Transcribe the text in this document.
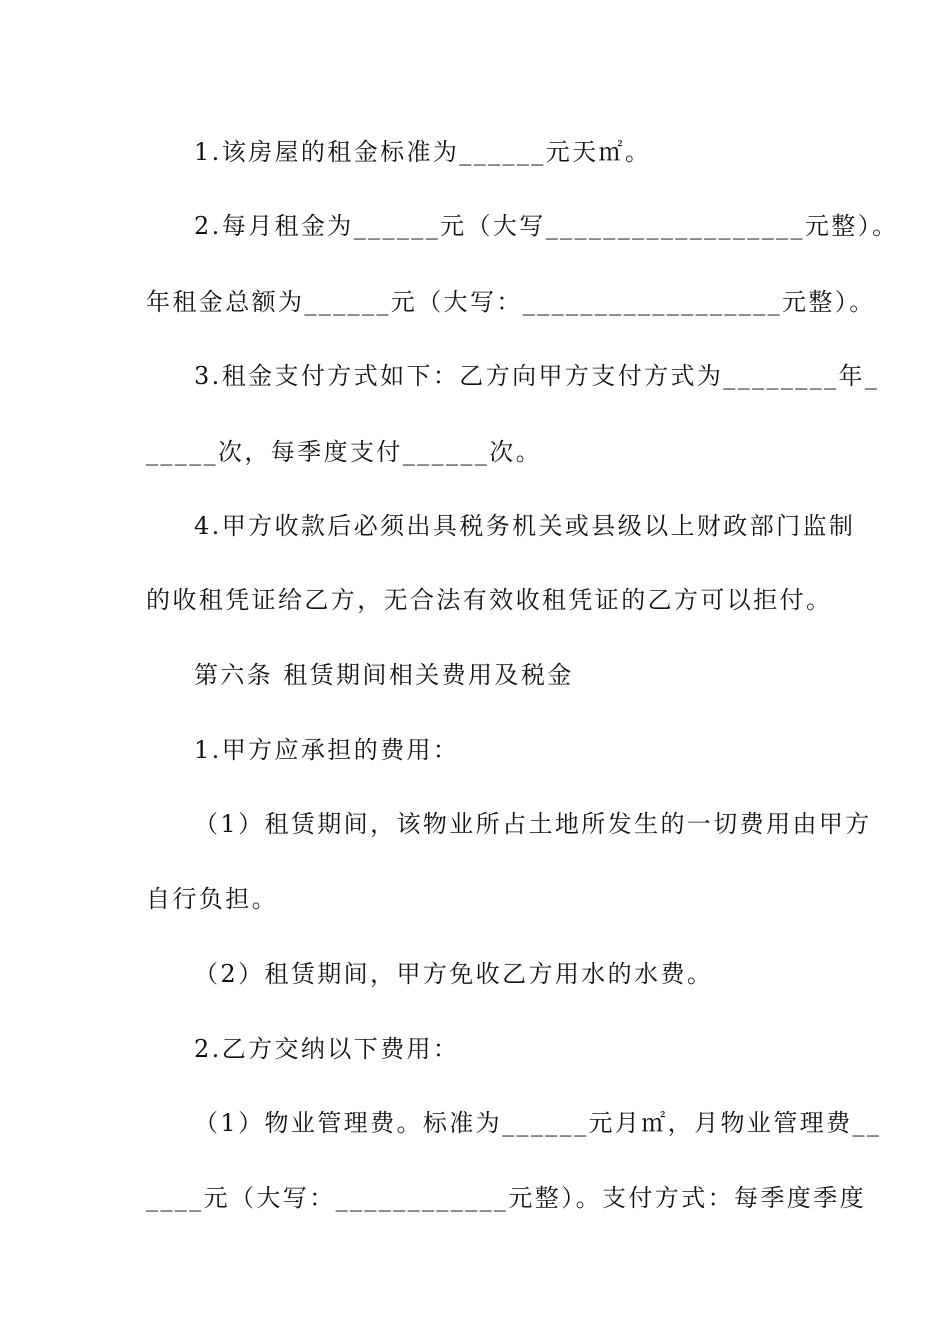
1.该房屋的租金标准为______元天㎡。
2.每月租金为______元（大写__________________元整）。
年租金总额为______元（大写：__________________元整）。
3.租金支付方式如下：乙方向甲方支付方式为________年_
_____次，每季度支付______次。
4.甲方收款后必须出具税务机关或县级以上财政部门监制
的收租凭证给乙方，无合法有效收租凭证的乙方可以拒付。
第六条 租赁期间相关费用及税金
1.甲方应承担的费用：
（1）租赁期间，该物业所占土地所发生的一切费用由甲方
自行负担。
（2）租赁期间，甲方免收乙方用水的水费。
2.乙方交纳以下费用：
（1）物业管理费。标准为______元月㎡，月物业管理费__
____元（大写：____________元整）。支付方式：每季度季度
